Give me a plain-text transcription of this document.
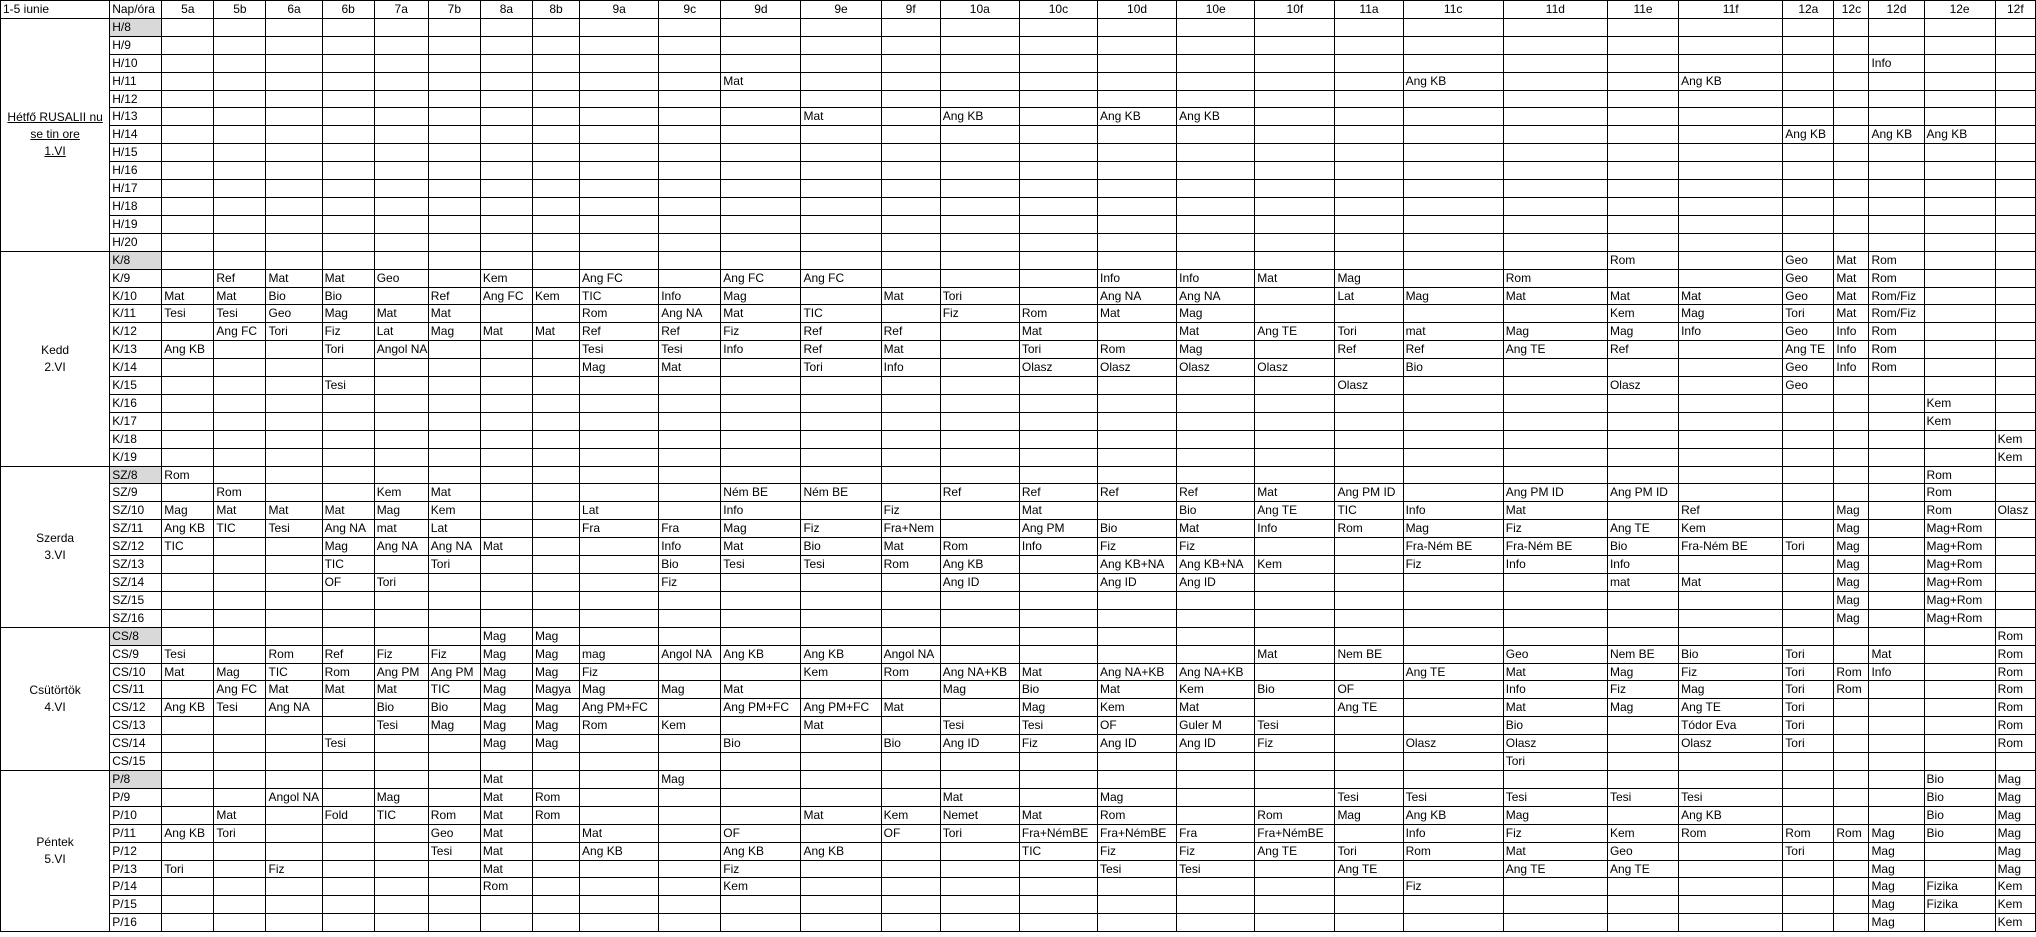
1-5 iunie	Nap/óra	5a	5b	6a	6b	7a	7b	8a	8b	9a	9c	9d	9e	9f	10a	10c	10d	10e	10f	11a	11c	11d	11e	11f	12a	12c	12d	12e	12f

Hétfő RUSALII nu
se tin ore
1.VI	H/8																												
	H/9																												
	H/10																										Info		
	H/11											Mat									Ang KB			Ang KB					
	H/12																												
	H/13												Mat		Ang KB		Ang KB	Ang KB											
	H/14																								Ang KB		Ang KB	Ang KB	
	H/15																												
	H/16																												
	H/17																												
	H/18																												
	H/19																												
	H/20																												

Kedd
2.VI	K/8																						Rom		Geo	Mat	Rom		
	K/9		Ref	Mat	Mat	Geo		Kem		Ang FC		Ang FC	Ang FC				Info	Info	Mat	Mag		Rom			Geo	Mat	Rom		
	K/10	Mat	Mat	Bio	Bio		Ref	Ang FC	Kem	TIC	Info	Mag		Mat	Tori		Ang NA	Ang NA		Lat	Mag	Mat	Mat	Mat	Geo	Mat	Rom/Fiz		
	K/11	Tesi	Tesi	Geo	Mag	Mat	Mat			Rom	Ang NA	Mat	TIC		Fiz	Rom	Mat	Mag					Kem	Mag	Tori	Mat	Rom/Fiz		
	K/12		Ang FC	Tori	Fiz	Lat	Mag	Mat	Mat	Ref	Ref	Fiz	Ref	Ref		Mat		Mat	Ang TE	Tori	mat	Mag	Mag	Info	Geo	Info	Rom		
	K/13	Ang KB			Tori	Angol NA				Tesi	Tesi	Info	Ref	Mat		Tori	Rom	Mag		Ref	Ref	Ang TE	Ref		Ang TE	Info	Rom		
	K/14									Mag	Mat		Tori	Info		Olasz	Olasz	Olasz	Olasz		Bio				Geo	Info	Rom		
	K/15				Tesi															Olasz			Olasz		Geo				
	K/16																											Kem	
	K/17																											Kem	
	K/18																												Kem
	K/19																												Kem

Szerda
3.VI	SZ/8	Rom																										Rom	
	SZ/9		Rom			Kem	Mat					Ném BE	Ném BE		Ref	Ref	Ref	Ref	Mat	Ang PM ID		Ang PM ID	Ang PM ID					Rom	
	SZ/10	Mag	Mat	Mat	Mat	Mag	Kem			Lat		Info		Fiz		Mat		Bio	Ang TE	TIC	Info	Mat		Ref		Mag		Rom	Olasz
	SZ/11	Ang KB	TIC	Tesi	Ang NA	mat	Lat			Fra	Fra	Mag	Fiz	Fra+Nem		Ang PM	Bio	Mat	Info	Rom	Mag	Fiz	Ang TE	Kem		Mag		Mag+Rom	
	SZ/12	TIC			Mag	Ang NA	Ang NA	Mat			Info	Mat	Bio	Mat	Rom	Info	Fiz	Fiz			Fra-Ném BE	Fra-Ném BE	Bio	Fra-Ném BE	Tori	Mag		Mag+Rom	
	SZ/13				TIC		Tori				Bio	Tesi	Tesi	Rom	Ang KB		Ang KB+NA	Ang KB+NA	Kem		Fiz	Info	Info			Mag		Mag+Rom	
	SZ/14				OF	Tori					Fiz				Ang ID		Ang ID	Ang ID					mat	Mat		Mag		Mag+Rom	
	SZ/15																									Mag		Mag+Rom	
	SZ/16																									Mag		Mag+Rom	

Csütörtök
4.VI	CS/8							Mag	Mag																				Rom
	CS/9	Tesi		Rom	Ref	Fiz	Fiz	Mag	Mag	mag	Angol NA	Ang KB	Ang KB	Angol NA					Mat	Nem BE		Geo	Nem BE	Bio	Tori		Mat		Rom
	CS/10	Mat	Mag	TIC	Rom	Ang PM	Ang PM	Mag	Mag	Fiz			Kem	Rom	Ang NA+KB	Mat	Ang NA+KB	Ang NA+KB			Ang TE	Mat	Mag	Fiz	Tori	Rom	Info		Rom
	CS/11		Ang FC	Mat	Mat	Mat	TIC	Mag	Magya	Mag	Mag	Mat			Mag	Bio	Mat	Kem	Bio	OF		Info	Fiz	Mag	Tori	Rom			Rom
	CS/12	Ang KB	Tesi	Ang NA		Bio	Bio	Mag	Mag	Ang PM+FC		Ang PM+FC	Ang PM+FC	Mat		Mag	Kem	Mat		Ang TE		Mat	Mag	Ang TE	Tori				Rom
	CS/13					Tesi	Mag	Mag	Mag	Rom	Kem		Mat		Tesi	Tesi	OF	Guler M	Tesi			Bio		Tódor Eva	Tori				Rom
	CS/14				Tesi			Mag	Mag			Bio		Bio	Ang ID	Fiz	Ang ID	Ang ID	Fiz		Olasz	Olasz		Olasz	Tori				Rom
	CS/15																					Tori							

Péntek
5.VI	P/8							Mat			Mag																	Bio	Mag
	P/9			Angol NA		Mag		Mat	Rom						Mat		Mag			Tesi	Tesi	Tesi	Tesi	Tesi				Bio	Mag
	P/10		Mat		Fold	TIC	Rom	Mat	Rom				Mat	Kem	Nemet	Mat	Rom		Rom	Mag	Ang KB	Mag		Ang KB				Bio	Mag
	P/11	Ang KB	Tori				Geo	Mat		Mat		OF		OF	Tori	Fra+NémBE	Fra+NémBE	Fra	Fra+NémBE		Info	Fiz	Kem	Rom	Rom	Rom	Mag	Bio	Mag
	P/12						Tesi	Mat		Ang KB		Ang KB	Ang KB			TIC	Fiz	Fiz	Ang TE	Tori	Rom	Mat	Geo		Tori		Mag		Mag
	P/13	Tori		Fiz				Mat				Fiz					Tesi	Tesi		Ang TE		Ang TE	Ang TE				Mag		Mag
	P/14							Rom				Kem									Fiz						Mag	Fizika	Kem
	P/15																										Mag	Fizika	Kem
	P/16																										Mag		Kem
